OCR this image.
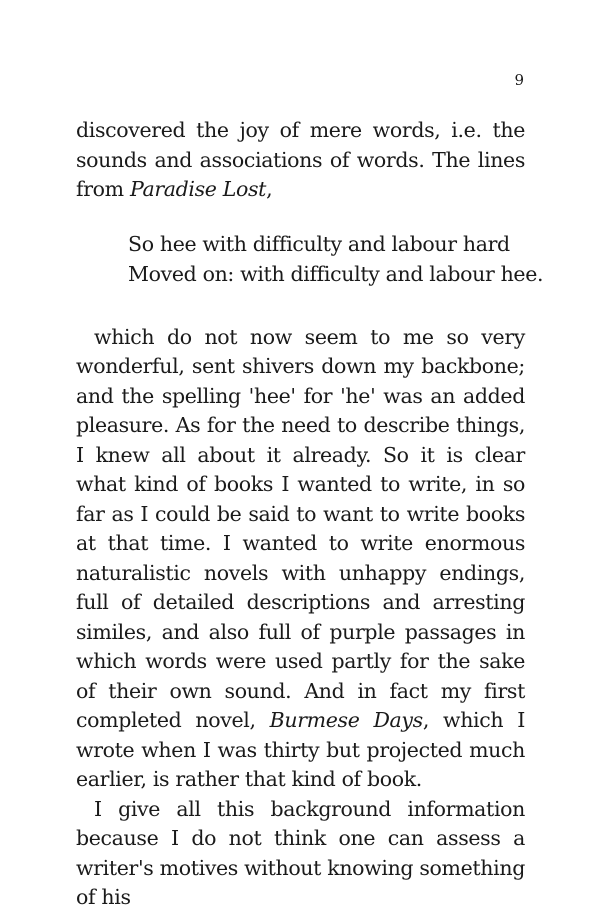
9

discovered the joy of mere words, i.e. the sounds and associations of words. The lines from Paradise Lost,

So hee with difficulty and labour hard
Moved on: with difficulty and labour hee.

which do not now seem to me so very wonderful, sent shivers down my backbone; and the spelling 'hee' for 'he' was an added pleasure. As for the need to describe things, I knew all about it already. So it is clear what kind of books I wanted to write, in so far as I could be said to want to write books at that time. I wanted to write enormous naturalistic novels with unhappy endings, full of detailed descriptions and arresting similes, and also full of purple passages in which words were used partly for the sake of their own sound. And in fact my first completed novel, Burmese Days, which I wrote when I was thirty but projected much earlier, is rather that kind of book.

I give all this background information because I do not think one can assess a writer's motives without knowing something of his
